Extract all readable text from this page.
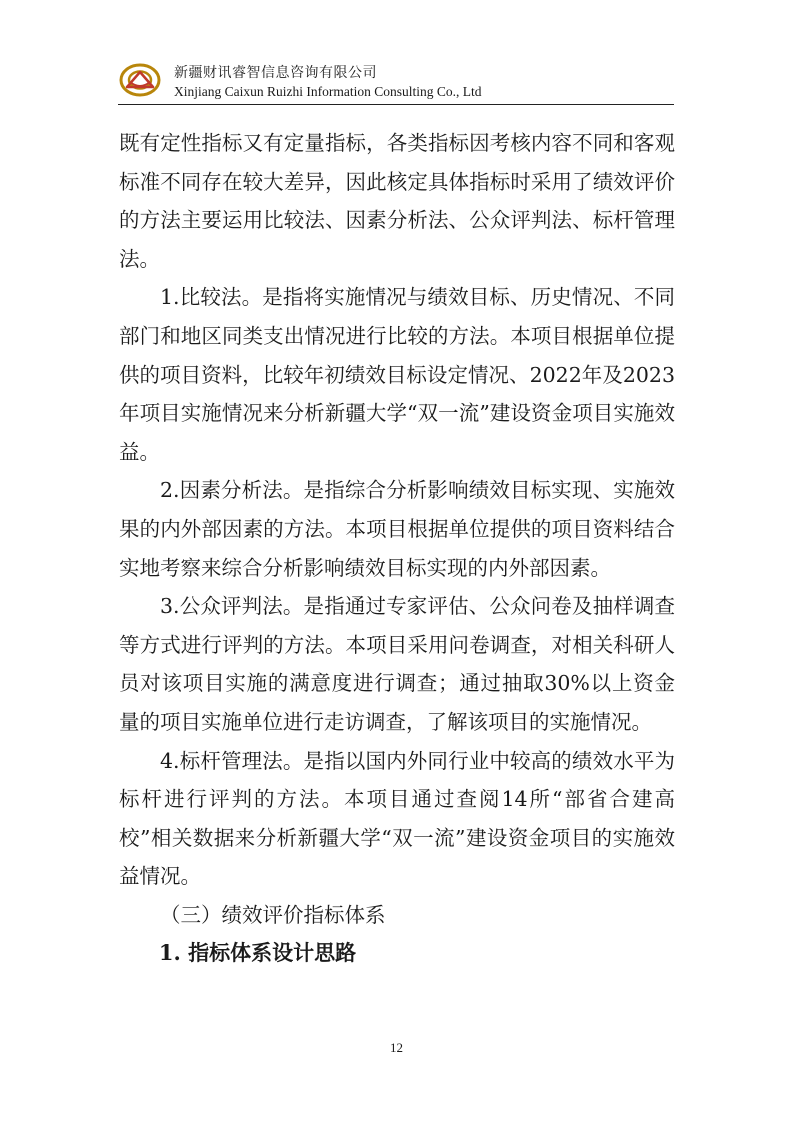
新疆财讯睿智信息咨询有限公司
Xinjiang Caixun Ruizhi Information Consulting Co., Ltd

既有定性指标又有定量指标，各类指标因考核内容不同和客观标准不同存在较大差异，因此核定具体指标时采用了绩效评价的方法主要运用比较法、因素分析法、公众评判法、标杆管理法。

1.比较法。是指将实施情况与绩效目标、历史情况、不同部门和地区同类支出情况进行比较的方法。本项目根据单位提供的项目资料，比较年初绩效目标设定情况、2022年及2023年项目实施情况来分析新疆大学“双一流”建设资金项目实施效益。

2.因素分析法。是指综合分析影响绩效目标实现、实施效果的内外部因素的方法。本项目根据单位提供的项目资料结合实地考察来综合分析影响绩效目标实现的内外部因素。

3.公众评判法。是指通过专家评估、公众问卷及抽样调查等方式进行评判的方法。本项目采用问卷调查，对相关科研人员对该项目实施的满意度进行调查；通过抽取30%以上资金量的项目实施单位进行走访调查，了解该项目的实施情况。

4.标杆管理法。是指以国内外同行业中较高的绩效水平为标杆进行评判的方法。本项目通过查阅14所“部省合建高校”相关数据来分析新疆大学“双一流”建设资金项目的实施效益情况。

（三）绩效评价指标体系

1. 指标体系设计思路

12
